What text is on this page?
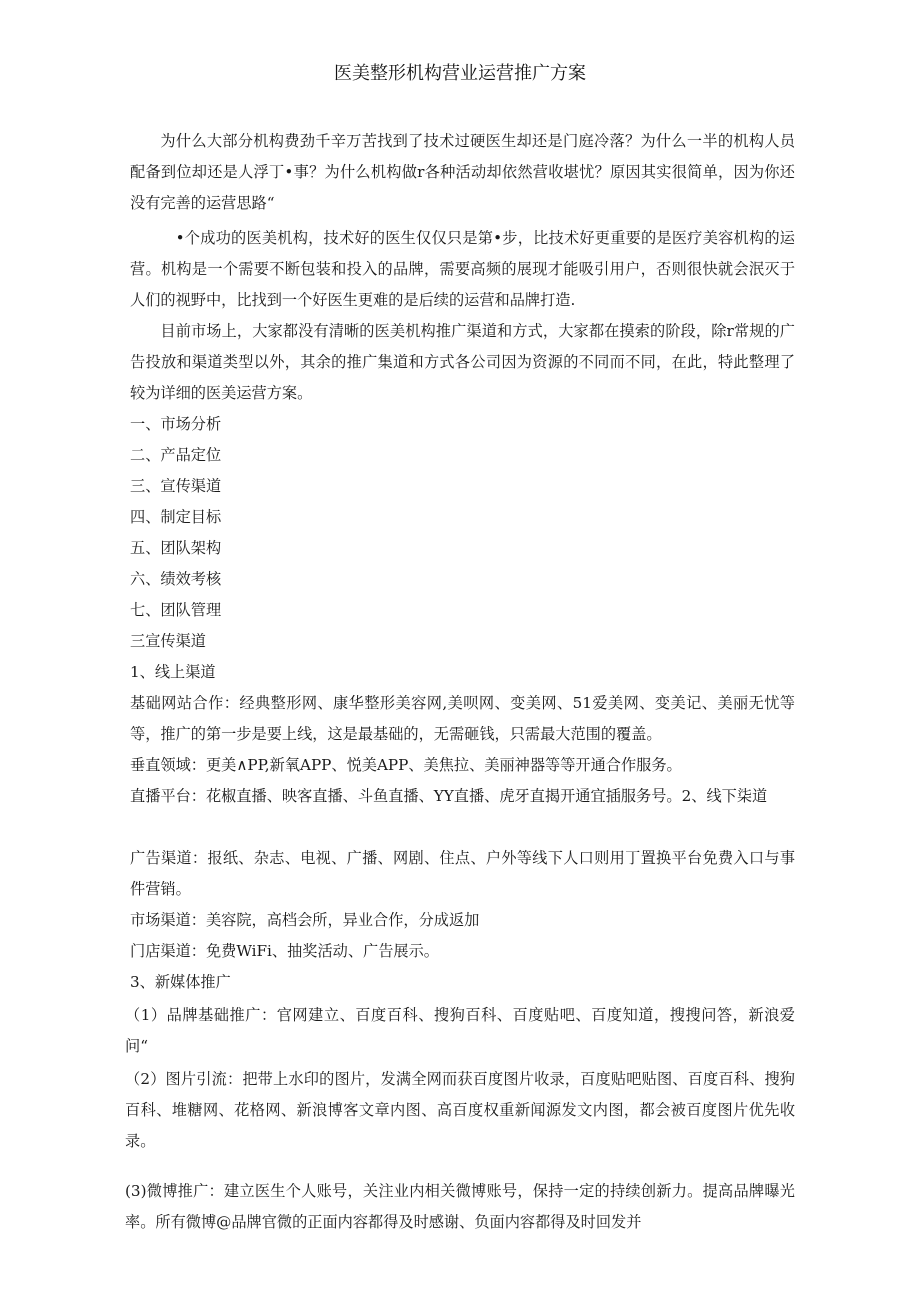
医美整形机构营业运营推广方案

为什么大部分机构费劲千辛万苦找到了技术过硬医生却还是门庭冷落？为什么一半的机构人员配备到位却还是人浮丁•事？为什么机构做r各种活动却依然营收堪忧？原因其实很简单，因为你还没有完善的运营思路“

•个成功的医美机构，技术好的医生仅仅只是第•步，比技术好更重要的是医疗美容机构的运营。机构是一个需要不断包装和投入的品牌，需要高频的展现才能吸引用户，否则很快就会泯灭于人们的视野中，比找到一个好医生更难的是后续的运营和品牌打造.

目前市场上，大家都没有清晰的医美机构推广渠道和方式，大家都在摸索的阶段，除r常规的广告投放和渠道类型以外，其余的推广集道和方式各公司因为资源的不同而不同，在此，特此整理了较为详细的医美运营方案。

一、市场分析
二、产品定位
三、宣传渠道
四、制定目标
五、团队架构
六、绩效考核
七、团队管理
三宣传渠道
1、线上渠道

基础网站合作：经典整形网、康华整形美容网,美呗网、变美网、51爱美网、变美记、美丽无忧等等，推广的第一步是要上线，这是最基础的，无需砸钱，只需最大范围的覆盖。

垂直领域：更美∧PP,新氧APP、悦美APP、美焦拉、美丽神器等等开通合作服务。

直播平台：花椒直播、映客直播、斗鱼直播、YY直播、虎牙直揭开通宜插服务号。2、线下柒道

广告渠道：报纸、杂志、电视、广播、网剧、住点、户外等线下人口则用丁置换平台免费入口与事件营销。

市场渠道：美容院，高档会所，异业合作，分成返加

门店渠道：免费WiFi、抽奖活动、广告展示。

3、新媒体推广

（1）品牌基础推广：官网建立、百度百科、搜狗百科、百度贴吧、百度知道，搜搜问答，新浪爱问“

（2）图片引流：把带上水印的图片，发满全网而获百度图片收录，百度贴吧贴图、百度百科、搜狗百科、堆糖网、花格网、新浪博客文章内图、高百度权重新闻源发文内图，都会被百度图片优先收录。

(3)微博推广：建立医生个人账号，关注业内相关微博账号，保持一定的持续创新力。提高品牌曝光率。所有微博@品牌官微的正面内容都得及时感谢、负面内容都得及时回发并
